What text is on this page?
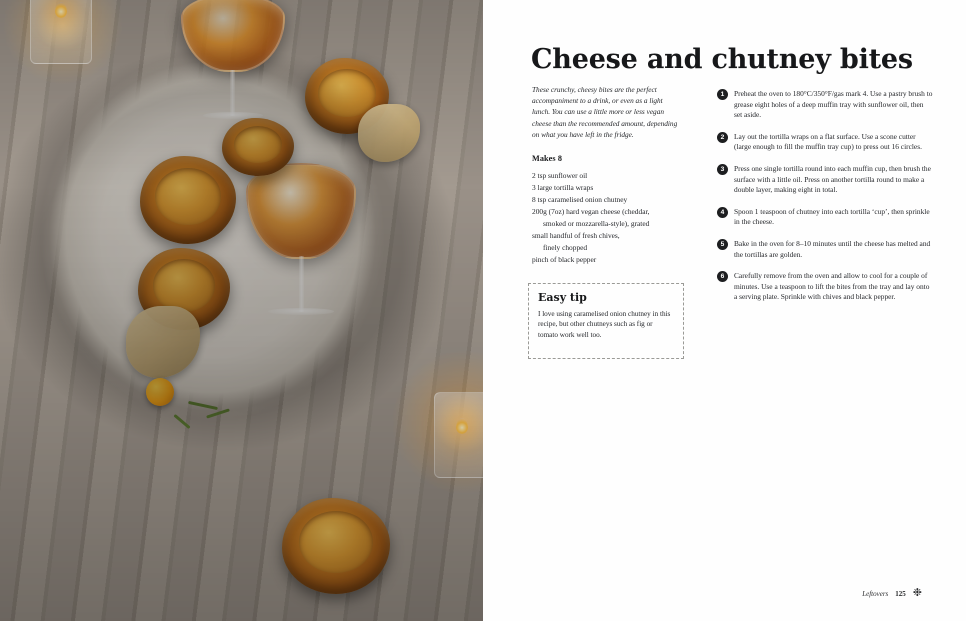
Cheese and chutney bites

These crunchy, cheesy bites are the perfect accompaniment to a drink, or even as a light lunch. You can use a little more or less vegan cheese than the recommended amount, depending on what you have left in the fridge.

Makes 8

2 tsp sunflower oil
3 large tortilla wraps
8 tsp caramelised onion chutney
200g (7oz) hard vegan cheese (cheddar,
smoked or mozzarella-style), grated
small handful of fresh chives,
finely chopped
pinch of black pepper

Easy tip

I love using caramelised onion chutney in this recipe, but other chutneys such as fig or tomato work well too.

1	Preheat the oven to 180°C/350°F/gas mark 4. Use a pastry brush to grease eight holes of a deep muffin tray with sunflower oil, then set aside.

2	Lay out the tortilla wraps on a flat surface. Use a scone cutter (large enough to fill the muffin tray cup) to press out 16 circles.

3	Press one single tortilla round into each muffin cup, then brush the surface with a little oil. Press on another tortilla round to make a double layer, making eight in total.

4	Spoon 1 teaspoon of chutney into each tortilla ‘cup’, then sprinkle in the cheese.

5	Bake in the oven for 8–10 minutes until the cheese has melted and the tortillas are golden.

6	Carefully remove from the oven and allow to cool for a couple of minutes. Use a teaspoon to lift the bites from the tray and lay onto a serving plate. Sprinkle with chives and black pepper.

Leftovers 125 ❉
